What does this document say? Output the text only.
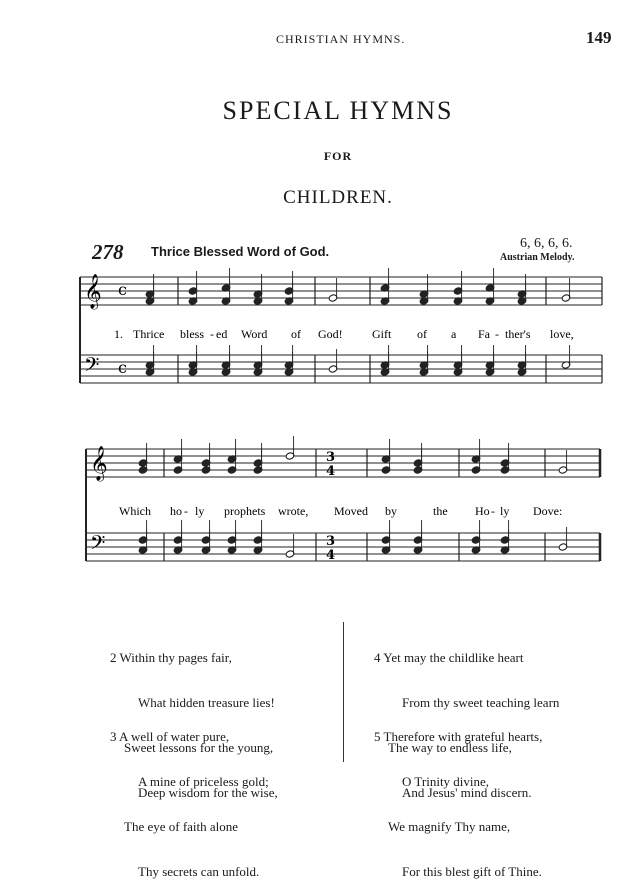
CHRISTIAN HYMNS.	149
SPECIAL HYMNS
FOR
CHILDREN.
278 Thrice Blessed Word of God.
6, 6, 6, 6.
Austrian Melody.
𝄞
𝄢
c
c
𝄞
𝄢
3
4
3
4
1. Thrice bless - ed Word of God! Gift of a Fa - ther's love,
Which ho - ly prophets wrote, Moved by	the Ho - ly Dove:

2 Within thy pages fair,

What hidden treasure lies!

Sweet lessons for the young,

Deep wisdom for the wise,

3 A well of water pure,

A mine of priceless gold;

The eye of faith alone

Thy secrets can unfold.

4 Yet may the childlike heart

From thy sweet teaching learn

The way to endless life,

And Jesus' mind discern.

5 Therefore with grateful hearts,

O Trinity divine,

We magnify Thy name,

For this blest gift of Thine.
